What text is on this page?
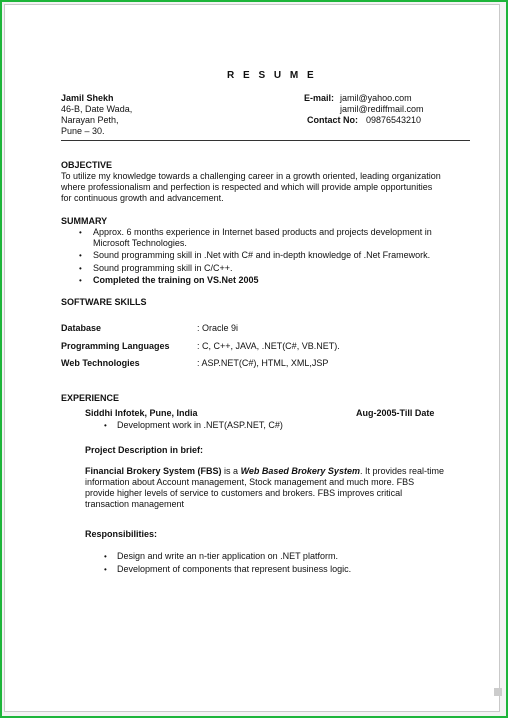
R E S U M E
Jamil Shekh
46-B, Date Wada,
Narayan Peth,
Pune – 30.
E-mail: jamil@yahoo.com
jamil@rediffmail.com
Contact No: 09876543210
OBJECTIVE
To utilize my knowledge towards a challenging career in a growth oriented, leading organization
where professionalism and perfection is respected and which will provide ample opportunities
for continuous growth and advancement.
SUMMARY
• Approx. 6 months experience in Internet based products and projects development in
Microsoft Technologies.
• Sound programming skill in .Net with C# and in-depth knowledge of .Net Framework.
• Sound programming skill in C/C++.
• Completed the training on VS.Net 2005
SOFTWARE SKILLS
Database	: Oracle 9i
Programming Languages	: C, C++, JAVA, .NET(C#, VB.NET).
Web Technologies	: ASP.NET(C#), HTML, XML,JSP
EXPERIENCE
Siddhi Infotek, Pune, India	Aug-2005-Till Date
• Development work in .NET(ASP.NET, C#)
Project Description in brief:
Financial Brokery System (FBS) is a Web Based Brokery System. It provides real-time
information about Account management, Stock management and much more. FBS
provide higher levels of service to customers and brokers. FBS improves critical
transaction management
Responsibilities:
• Design and write an n-tier application on .NET platform.
• Development of components that represent business logic.
